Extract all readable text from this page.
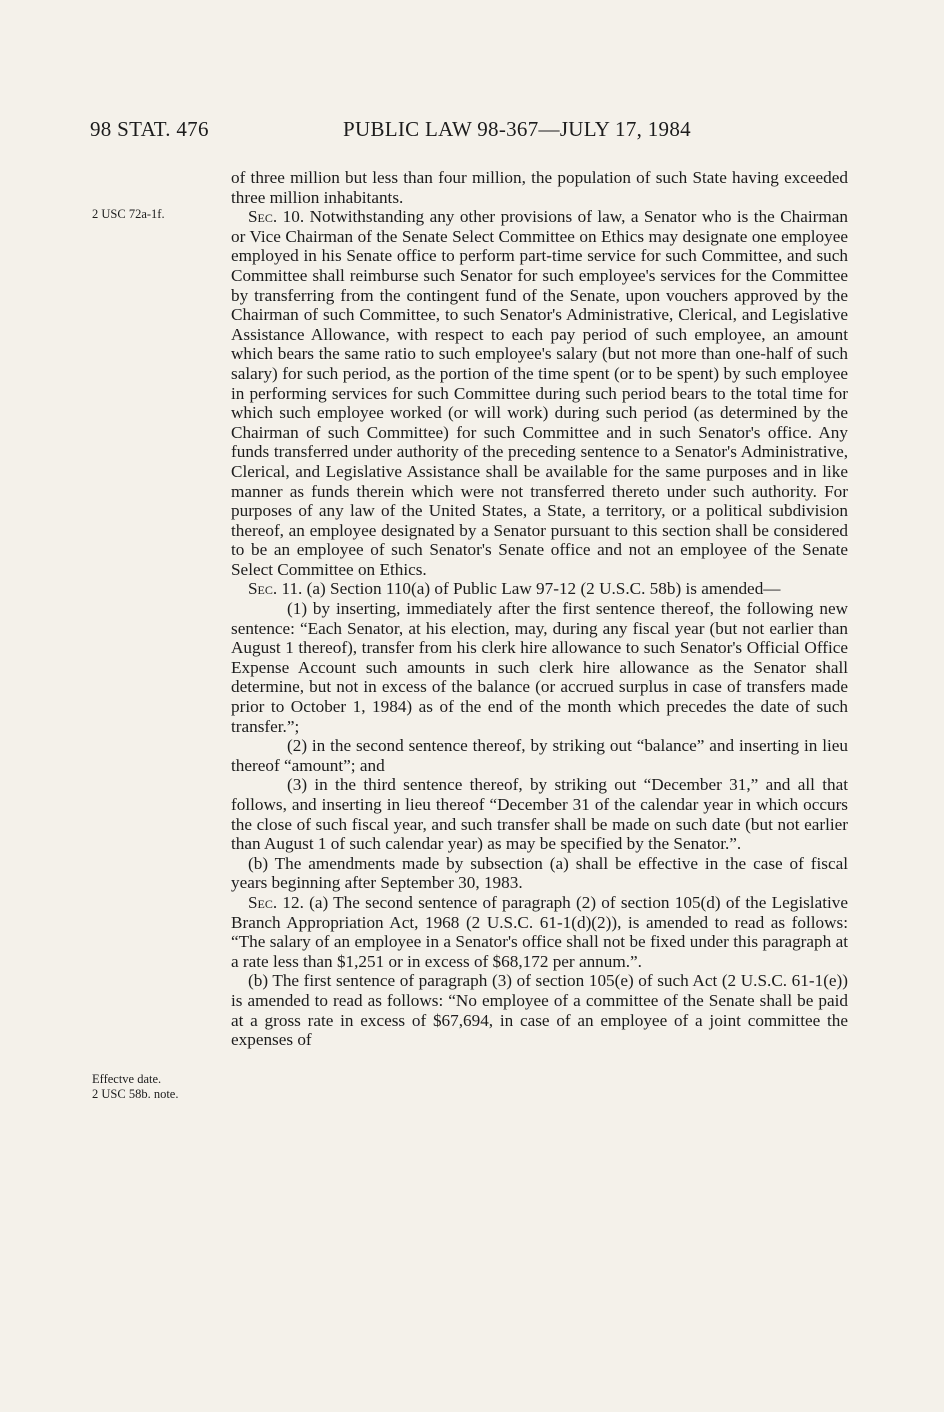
98 STAT. 476	PUBLIC LAW 98-367—JULY 17, 1984
2 USC 72a-1f.
Effectve date.
2 USC 58b. note.

of three million but less than four million, the population of such State having exceeded three million inhabitants.

Sec. 10. Notwithstanding any other provisions of law, a Senator who is the Chairman or Vice Chairman of the Senate Select Committee on Ethics may designate one employee employed in his Senate office to perform part-time service for such Committee, and such Committee shall reimburse such Senator for such employee's services for the Committee by transferring from the contingent fund of the Senate, upon vouchers approved by the Chairman of such Committee, to such Senator's Administrative, Clerical, and Legislative Assistance Allowance, with respect to each pay period of such employee, an amount which bears the same ratio to such employee's salary (but not more than one-half of such salary) for such period, as the portion of the time spent (or to be spent) by such employee in performing services for such Committee during such period bears to the total time for which such employee worked (or will work) during such period (as determined by the Chairman of such Committee) for such Committee and in such Senator's office. Any funds transferred under authority of the preceding sentence to a Senator's Administrative, Clerical, and Legislative Assistance shall be available for the same purposes and in like manner as funds therein which were not transferred thereto under such authority. For purposes of any law of the United States, a State, a territory, or a political subdivision thereof, an employee designated by a Senator pursuant to this section shall be considered to be an employee of such Senator's Senate office and not an employee of the Senate Select Committee on Ethics.

Sec. 11. (a) Section 110(a) of Public Law 97-12 (2 U.S.C. 58b) is amended—

(1) by inserting, immediately after the first sentence thereof, the following new sentence: “Each Senator, at his election, may, during any fiscal year (but not earlier than August 1 thereof), transfer from his clerk hire allowance to such Senator's Official Office Expense Account such amounts in such clerk hire allowance as the Senator shall determine, but not in excess of the balance (or accrued surplus in case of transfers made prior to October 1, 1984) as of the end of the month which precedes the date of such transfer.”;

(2) in the second sentence thereof, by striking out “balance” and inserting in lieu thereof “amount”; and

(3) in the third sentence thereof, by striking out “December 31,” and all that follows, and inserting in lieu thereof “December 31 of the calendar year in which occurs the close of such fiscal year, and such transfer shall be made on such date (but not earlier than August 1 of such calendar year) as may be specified by the Senator.”.

(b) The amendments made by subsection (a) shall be effective in the case of fiscal years beginning after September 30, 1983.

Sec. 12. (a) The second sentence of paragraph (2) of section 105(d) of the Legislative Branch Appropriation Act, 1968 (2 U.S.C. 61-1(d)(2)), is amended to read as follows: “The salary of an employee in a Senator's office shall not be fixed under this paragraph at a rate less than $1,251 or in excess of $68,172 per annum.”.

(b) The first sentence of paragraph (3) of section 105(e) of such Act (2 U.S.C. 61-1(e)) is amended to read as follows: “No employee of a committee of the Senate shall be paid at a gross rate in excess of $67,694, in case of an employee of a joint committee the expenses of
